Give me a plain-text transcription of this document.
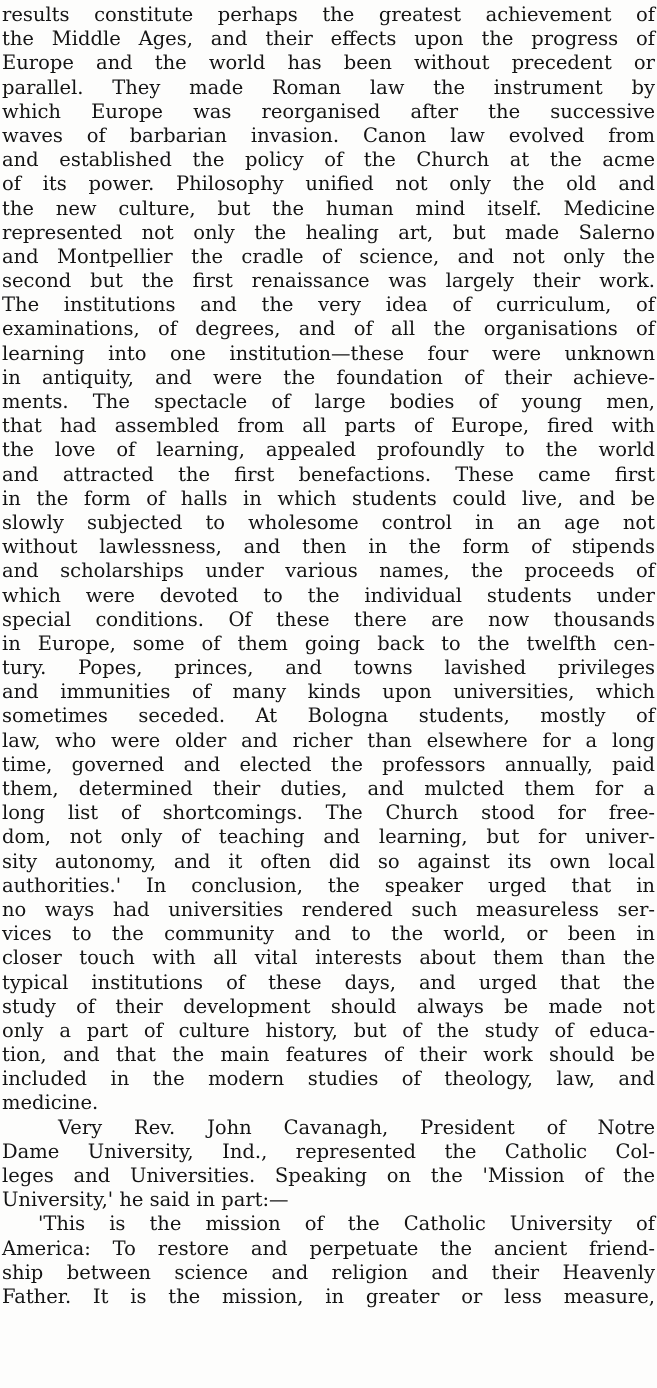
results constitute perhaps the greatest achievement of
the Middle Ages, and their effects upon the progress of
Europe and the world has been without precedent or
parallel. They made Roman law the instrument by
which Europe was reorganised after the successive
waves of barbarian invasion. Canon law evolved from
and established the policy of the Church at the acme
of its power. Philosophy unified not only the old and
the new culture, but the human mind itself. Medicine
represented not only the healing art, but made Salerno
and Montpellier the cradle of science, and not only the
second but the first renaissance was largely their work.
The institutions and the very idea of curriculum, of
examinations, of degrees, and of all the organisations of
learning into one institution—these four were unknown
in antiquity, and were the foundation of their achieve-
ments. The spectacle of large bodies of young men,
that had assembled from all parts of Europe, fired with
the love of learning, appealed profoundly to the world
and attracted the first benefactions. These came first
in the form of halls in which students could live, and be
slowly subjected to wholesome control in an age not
without lawlessness, and then in the form of stipends
and scholarships under various names, the proceeds of
which were devoted to the individual students under
special conditions. Of these there are now thousands
in Europe, some of them going back to the twelfth cen-
tury. Popes, princes, and towns lavished privileges
and immunities of many kinds upon universities, which
sometimes seceded. At Bologna students, mostly of
law, who were older and richer than elsewhere for a long
time, governed and elected the professors annually, paid
them, determined their duties, and mulcted them for a
long list of shortcomings. The Church stood for free-
dom, not only of teaching and learning, but for univer-
sity autonomy, and it often did so against its own local
authorities.' In conclusion, the speaker urged that in
no ways had universities rendered such measureless ser-
vices to the community and to the world, or been in
closer touch with all vital interests about them than the
typical institutions of these days, and urged that the
study of their development should always be made not
only a part of culture history, but of the study of educa-
tion, and that the main features of their work should be
included in the modern studies of theology, law, and
medicine.
Very Rev. John Cavanagh, President of Notre
Dame University, Ind., represented the Catholic Col-
leges and Universities. Speaking on the 'Mission of the
University,' he said in part:—
'This is the mission of the Catholic University of
America: To restore and perpetuate the ancient friend-
ship between science and religion and their Heavenly
Father. It is the mission, in greater or less measure,
